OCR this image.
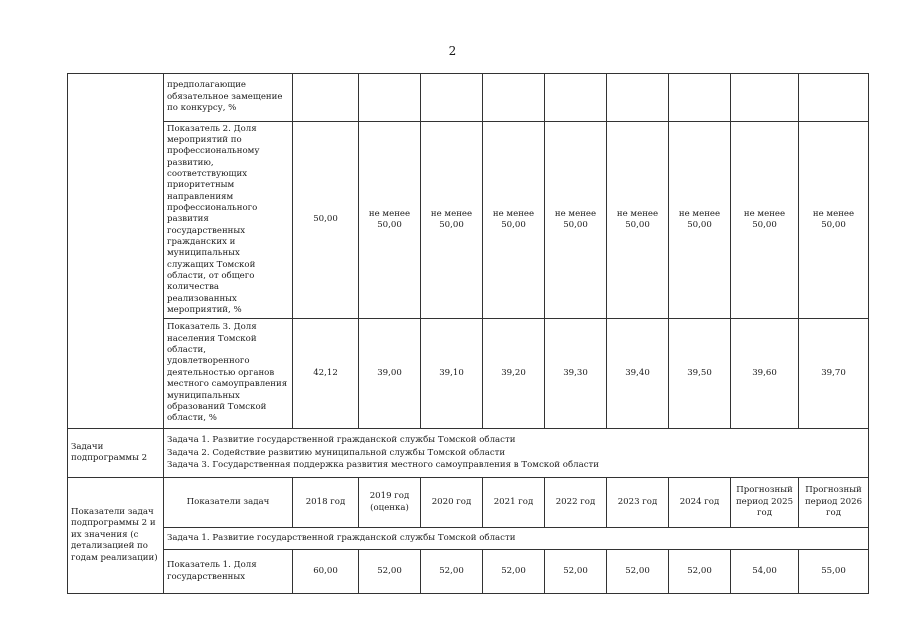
2
	предполагающие обязательное замещение по конкурсу, %									
	Показатель 2. Доля мероприятий по профессиональному развитию, соответствующих приоритетным направлениям профессионального развития государственных гражданских и муниципальных служащих Томской области, от общего количества реализованных мероприятий, %	50,00	не менее 50,00	не менее 50,00	не менее 50,00	не менее 50,00	не менее 50,00	не менее 50,00	не менее 50,00	не менее 50,00
	Показатель 3. Доля населения Томской области, удовлетворенного деятельностью органов местного самоуправления муниципальных образований Томской области, %	42,12	39,00	39,10	39,20	39,30	39,40	39,50	39,60	39,70
Задачи подпрограммы 2	Задача 1. Развитие государственной гражданской службы Томской области
Задача 2. Содействие развитию муниципальной службы Томской области
Задача 3. Государственная поддержка развития местного самоуправления в Томской области									

Показатели задач подпрограммы 2 и их значения (с детализацией по годам реализации)	Показатели задач	2018 год	2019 год (оценка)	2020 год	2021 год	2022 год	2023 год	2024 год	Прогнозный период 2025 год	Прогнозный период 2026 год
	Задача 1. Развитие государственной гражданской службы Томской области									
	Показатель 1. Доля государственных	60,00	52,00	52,00	52,00	52,00	52,00	52,00	54,00	55,00
